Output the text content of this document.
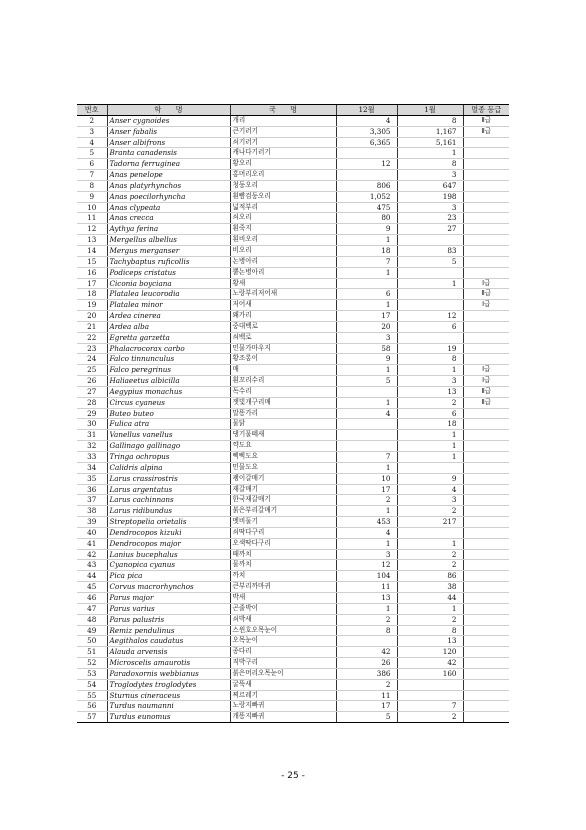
번호	학　　명	국　　명	12월	1월	멸종 등급
2	Anser cygnoides	개리	4	8	Ⅱ급
3	Anser fabalis	큰기러기	3,305	1,167	Ⅱ급
4	Anser albifrons	쇠기러기	6,365	5,161	
5	Branta canadensis	캐나다기러기		1	
6	Tadorna ferruginea	황오리	12	8	
7	Anas penelope	홍머리오리		3	
8	Anas platyrhynchos	청둥오리	806	647	
9	Anas poecilorhyncha	흰뺨검둥오리	1,052	198	
10	Anas clypeata	넓적부리	475	3	
11	Anas crecca	쇠오리	80	23	
12	Aythya ferina	흰죽지	9	27	
13	Mergellus albellus	흰비오리	1		
14	Mergus merganser	비오리	18	83	
15	Tachybaptus ruficollis	논병아리	7	5	
16	Podiceps cristatus	뿔논병아리	1		
17	Ciconia boyciana	황새		1	Ⅰ급
18	Platalea leucorodia	노랑부리저어새	6		Ⅱ급
19	Platalea minor	저어새	1		Ⅰ급
20	Ardea cinerea	왜가리	17	12	
21	Ardea alba	중대백로	20	6	
22	Egretta garzetta	쇠백로	3		
23	Phalacrocorax carbo	민물가마우지	58	19	
24	Falco tinnunculus	황조롱이	9	8	
25	Falco peregrinus	매	1	1	Ⅰ급
26	Haliaeetus albicilla	흰꼬리수리	5	3	Ⅰ급
27	Aegypius monachus	독수리		13	Ⅱ급
28	Circus cyaneus	잿빛개구리매	1	2	Ⅱ급
29	Buteo buteo	말똥가리	4	6	
30	Fulica atra	물닭		18	
31	Vanellus vanellus	댕기물떼새		1	
32	Gallinago gallinago	꺅도요		1	
33	Tringa ochropus	삑삑도요	7	1	
34	Calidris alpina	민물도요	1		
35	Larus crassirostris	괭이갈매기	10	9	
36	Larus argentatus	재갈매기	17	4	
37	Larus cachinnans	한국재갈매기	2	3	
38	Larus ridibundus	붉은부리갈매기	1	2	
39	Streptopelia orietalis	멧비둘기	453	217	
40	Dendrocopos kizuki	쇠딱다구리	4		
41	Dendrocopos major	오색딱다구리	1	1	
42	Lanius bucephalus	때까치	3	2	
43	Cyanopica cyanus	물까치	12	2	
44	Pica pica	까치	104	86	
45	Corvus macrorhynchos	큰부리까마귀	11	38	
46	Parus major	박새	13	44	
47	Parus varius	곤줄박이	1	1	
48	Parus palustris	쇠박새	2	2	
49	Remiz pendulinus	스윈호오목눈이	8	8	
50	Aegithalos caudatus	오목눈이		13	
51	Alauda arvensis	종다리	42	120	
52	Microscelis amaurotis	직박구리	26	42	
53	Paradoxornis webbianus	붉은머리오목눈이	386	160	
54	Troglodytes troglodytes	굴뚝새	2		
55	Sturnus cineraceus	찌르레기	11		
56	Turdus naumanni	노랑지빠귀	17	7	
57	Turdus eunomus	개똥지빠귀	5	2	
- 25 -
